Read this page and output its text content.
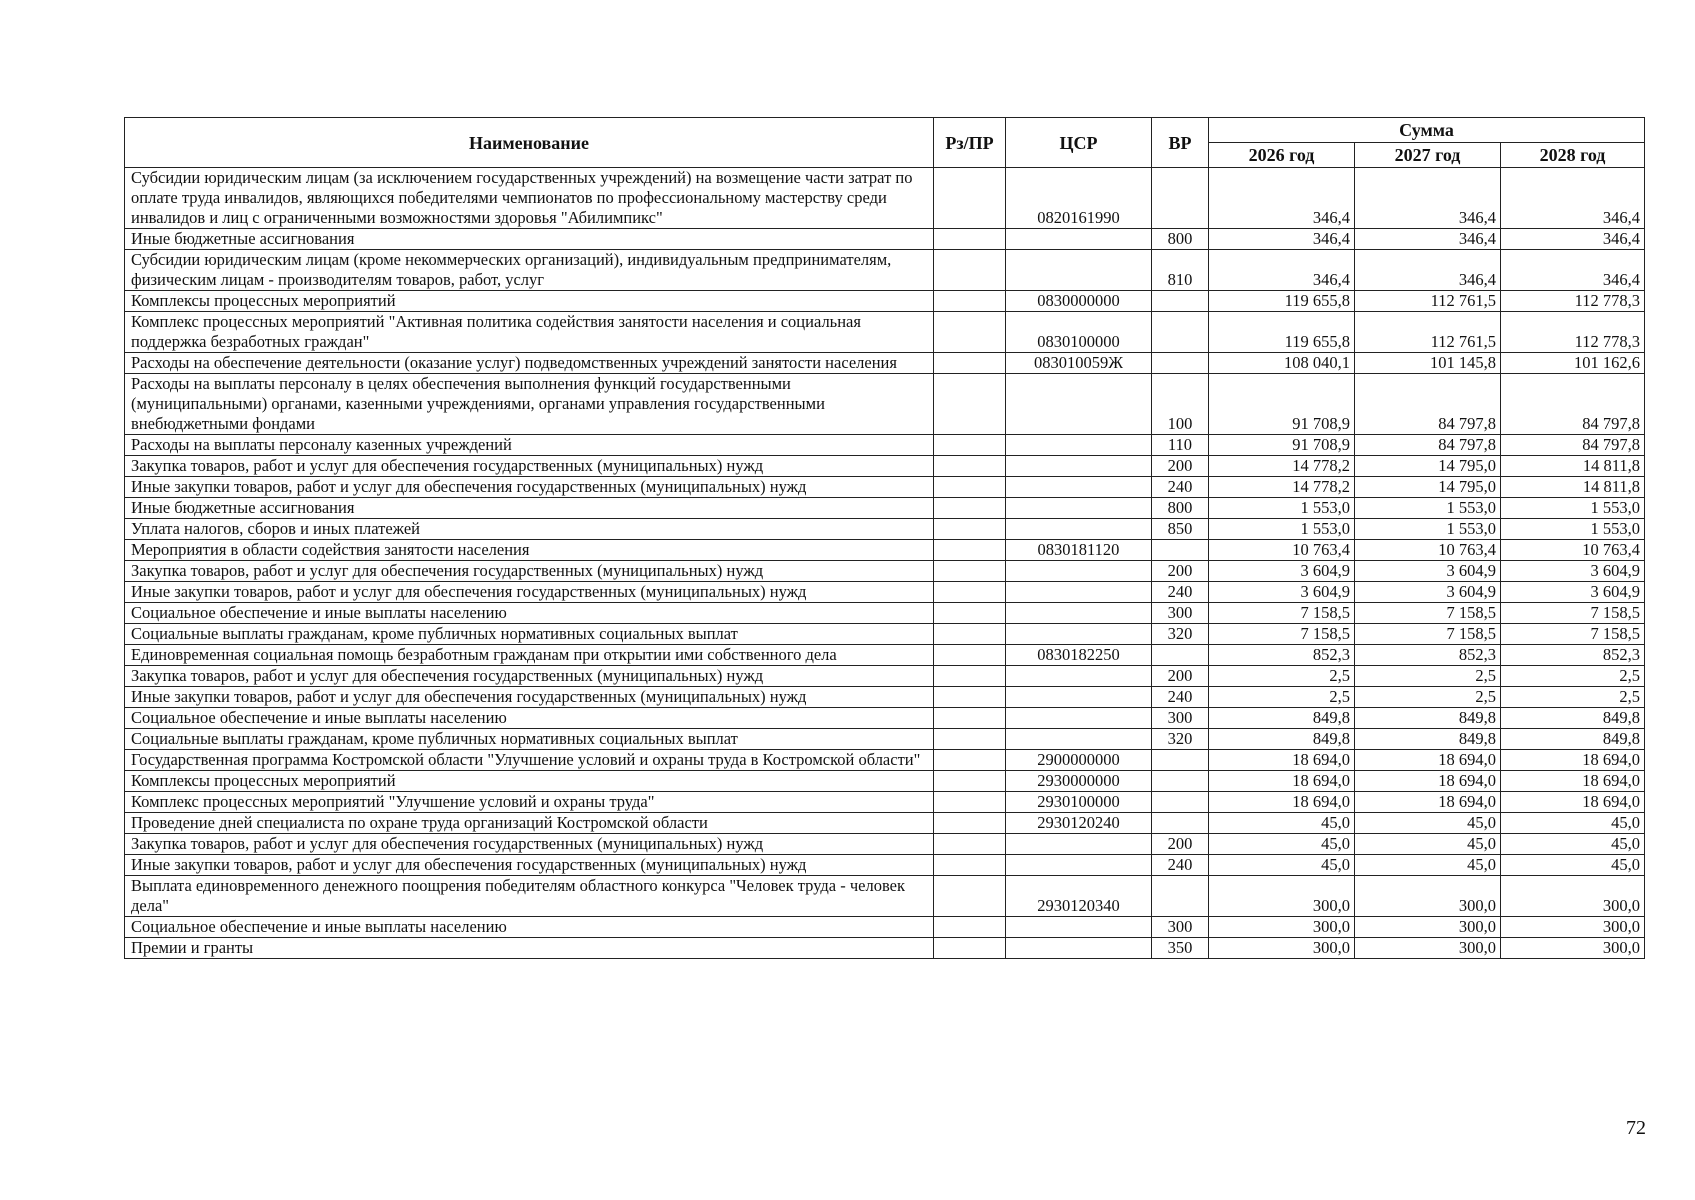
Наименование	Рз/ПР	ЦСР	ВР	Сумма		
				2026 год	2027 год	2028 год
Субсидии юридическим лицам (за исключением государственных учреждений) на возмещение части затрат по оплате труда инвалидов, являющихся победителями чемпионатов по профессиональному мастерству среди инвалидов и лиц с ограниченными возможностями здоровья "Абилимпикс"		0820161990		346,4	346,4	346,4
Иные бюджетные ассигнования			800	346,4	346,4	346,4
Субсидии юридическим лицам (кроме некоммерческих организаций), индивидуальным предпринимателям, физическим лицам - производителям товаров, работ, услуг			810	346,4	346,4	346,4
Комплексы процессных мероприятий		0830000000		119 655,8	112 761,5	112 778,3
Комплекс процессных мероприятий "Активная политика содействия занятости населения и социальная поддержка безработных граждан"		0830100000		119 655,8	112 761,5	112 778,3
Расходы на обеспечение деятельности (оказание услуг) подведомственных учреждений занятости населения		083010059Ж		108 040,1	101 145,8	101 162,6
Расходы на выплаты персоналу в целях обеспечения выполнения функций государственными (муниципальными) органами, казенными учреждениями, органами управления государственными внебюджетными фондами			100	91 708,9	84 797,8	84 797,8
Расходы на выплаты персоналу казенных учреждений			110	91 708,9	84 797,8	84 797,8
Закупка товаров, работ и услуг для обеспечения государственных (муниципальных) нужд			200	14 778,2	14 795,0	14 811,8
Иные закупки товаров, работ и услуг для обеспечения государственных (муниципальных) нужд			240	14 778,2	14 795,0	14 811,8
Иные бюджетные ассигнования			800	1 553,0	1 553,0	1 553,0
Уплата налогов, сборов и иных платежей			850	1 553,0	1 553,0	1 553,0
Мероприятия в области содействия занятости населения		0830181120		10 763,4	10 763,4	10 763,4
Закупка товаров, работ и услуг для обеспечения государственных (муниципальных) нужд			200	3 604,9	3 604,9	3 604,9
Иные закупки товаров, работ и услуг для обеспечения государственных (муниципальных) нужд			240	3 604,9	3 604,9	3 604,9
Социальное обеспечение и иные выплаты населению			300	7 158,5	7 158,5	7 158,5
Социальные выплаты гражданам, кроме публичных нормативных социальных выплат			320	7 158,5	7 158,5	7 158,5
Единовременная социальная помощь безработным гражданам при открытии ими собственного дела		0830182250		852,3	852,3	852,3
Закупка товаров, работ и услуг для обеспечения государственных (муниципальных) нужд			200	2,5	2,5	2,5
Иные закупки товаров, работ и услуг для обеспечения государственных (муниципальных) нужд			240	2,5	2,5	2,5
Социальное обеспечение и иные выплаты населению			300	849,8	849,8	849,8
Социальные выплаты гражданам, кроме публичных нормативных социальных выплат			320	849,8	849,8	849,8
Государственная программа Костромской области "Улучшение условий и охраны труда в Костромской области"		2900000000		18 694,0	18 694,0	18 694,0
Комплексы процессных мероприятий		2930000000		18 694,0	18 694,0	18 694,0
Комплекс процессных мероприятий "Улучшение условий и охраны труда"		2930100000		18 694,0	18 694,0	18 694,0
Проведение дней специалиста по охране труда организаций Костромской области		2930120240		45,0	45,0	45,0
Закупка товаров, работ и услуг для обеспечения государственных (муниципальных) нужд			200	45,0	45,0	45,0
Иные закупки товаров, работ и услуг для обеспечения государственных (муниципальных) нужд			240	45,0	45,0	45,0
Выплата единовременного денежного поощрения победителям областного конкурса "Человек труда - человек дела"		2930120340		300,0	300,0	300,0
Социальное обеспечение и иные выплаты населению			300	300,0	300,0	300,0
Премии и гранты			350	300,0	300,0	300,0
72
